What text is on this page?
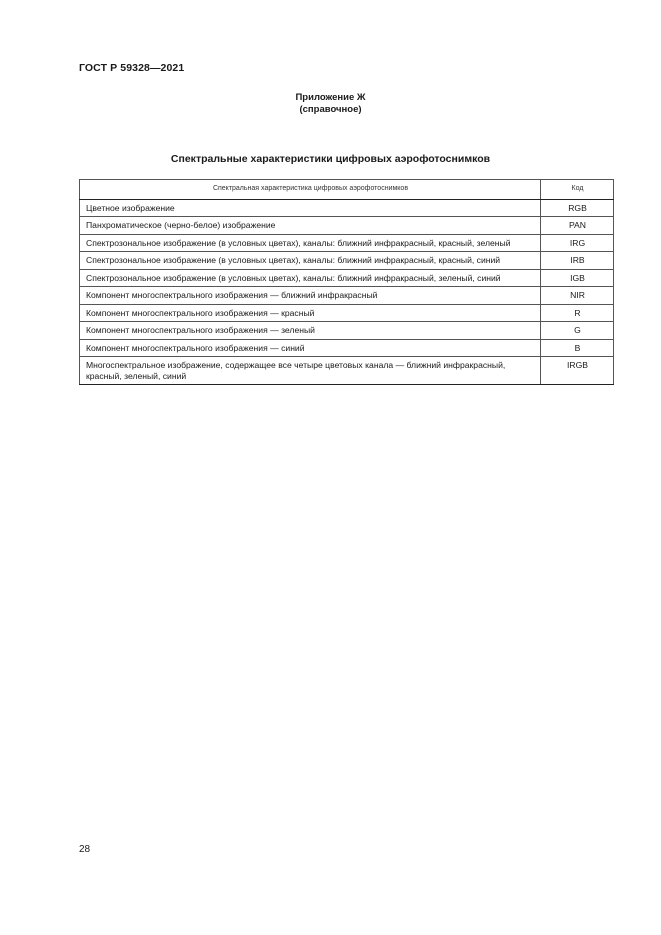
ГОСТ Р 59328—2021
Приложение Ж
(справочное)
Спектральные характеристики цифровых аэрофотоснимков
Спектральная характеристика цифровых аэрофотоснимков	Код
Цветное изображение	RGB
Панхроматическое (черно-белое) изображение	PAN
Спектрозональное изображение (в условных цветах), каналы: ближний инфракрасный, красный, зеленый	IRG
Спектрозональное изображение (в условных цветах), каналы: ближний инфракрасный, красный, синий	IRB
Спектрозональное изображение (в условных цветах), каналы: ближний инфракрасный, зеленый, синий	IGB
Компонент многоспектрального изображения — ближний инфракрасный	NIR
Компонент многоспектрального изображения — красный	R
Компонент многоспектрального изображения — зеленый	G
Компонент многоспектрального изображения — синий	B
Многоспектральное изображение, содержащее все четыре цветовых канала — ближний инфракрасный, красный, зеленый, синий	IRGB
28
